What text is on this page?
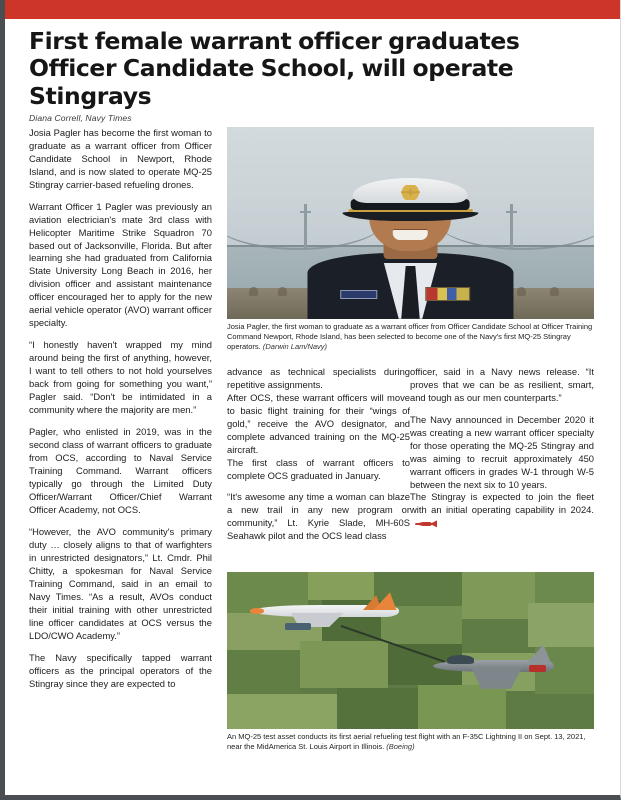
First female warrant officer graduates Officer Candidate School, will operate Stingrays
Diana Correll, Navy Times

Josia Pagler has become the first woman to graduate as a warrant officer from Officer Candidate School in Newport, Rhode Island, and is now slated to operate MQ-25 Stingray carrier-based refueling drones.

Warrant Officer 1 Pagler was previously an aviation electrician's mate 3rd class with Helicopter Maritime Strike Squadron 70 based out of Jacksonville, Florida. But after learning she had graduated from California State University Long Beach in 2016, her division officer and assistant maintenance officer encouraged her to apply for the new aerial vehicle operator (AVO) warrant officer specialty.

“I honestly haven't wrapped my mind around being the first of anything, however, I want to tell others to not hold yourselves back from going for something you want,” Pagler said. “Don't be intimidated in a community where the majority are men.”

Pagler, who enlisted in 2019, was in the second class of warrant officers to graduate from OCS, according to Naval Service Training Command. Warrant officers typically go through the Limited Duty Officer/Warrant Officer/Chief Warrant Officer Academy, not OCS.

“However, the AVO community's primary duty … closely aligns to that of warfighters in unrestricted designators,” Lt. Cmdr. Phil Chitty, a spokesman for Naval Service Training Command, said in an email to Navy Times. “As a result, AVOs conduct their initial training with other unrestricted line officer candidates at OCS versus the LDO/CWO Academy.”

The Navy specifically tapped warrant officers as the principal operators of the Stingray since they are expected to

Josia Pagler, the first woman to graduate as a warrant officer from Officer Candidate School at Officer Training Command Newport, Rhode Island, has been selected to become one of the Navy's first MQ-25 Stingray operators. (Darwin Lam/Navy)

advance as technical specialists during repetitive assignments.

After OCS, these warrant officers will move to basic flight training for their “wings of gold,” receive the AVO designator, and complete advanced training on the MQ-25 aircraft.

The first class of warrant officers to complete OCS graduated in January.

“It's awesome any time a woman can blaze a new trail in any new program or community,” Lt. Kyrie Slade, MH-60S Seahawk pilot and the OCS lead class

officer, said in a Navy news release. “It proves that we can be as resilient, smart, and tough as our men counterparts.”

The Navy announced in December 2020 it was creating a new warrant officer specialty for those operating the MQ-25 Stingray and was aiming to recruit approximately 450 warrant officers in grades W-1 through W-5 between the next six to 10 years.

The Stingray is expected to join the fleet with an initial operating capability in 2024.

An MQ-25 test asset conducts its first aerial refueling test flight with an F-35C Lightning II on Sept. 13, 2021, near the MidAmerica St. Louis Airport in Illinois. (Boeing)
